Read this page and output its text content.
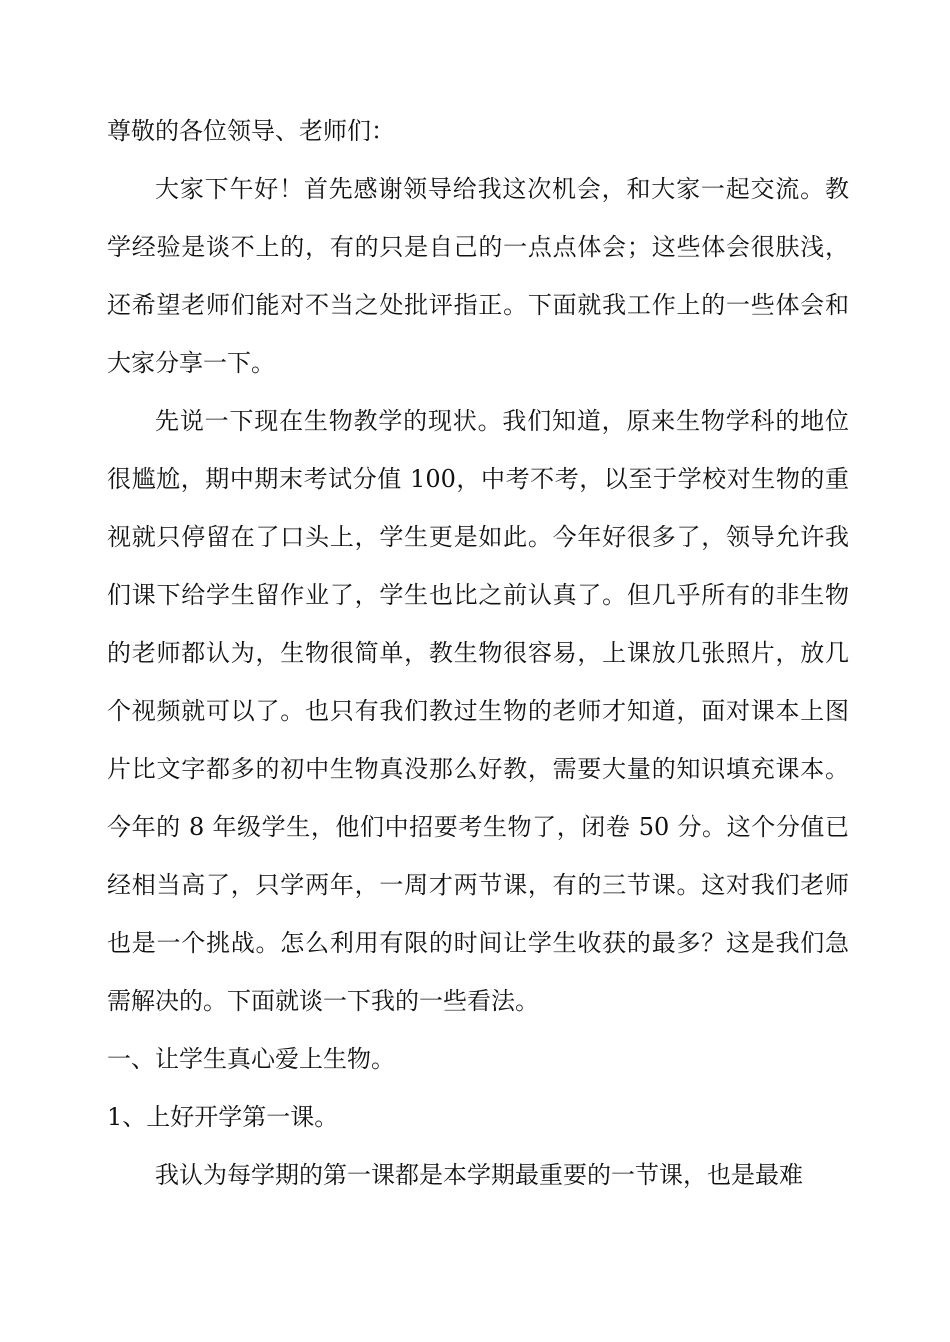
尊敬的各位领导、老师们：

大家下午好！首先感谢领导给我这次机会，和大家一起交流。教学经验是谈不上的，有的只是自己的一点点体会；这些体会很肤浅，还希望老师们能对不当之处批评指正。下面就我工作上的一些体会和大家分享一下。

先说一下现在生物教学的现状。我们知道，原来生物学科的地位很尴尬，期中期末考试分值 100，中考不考，以至于学校对生物的重视就只停留在了口头上，学生更是如此。今年好很多了，领导允许我们课下给学生留作业了，学生也比之前认真了。但几乎所有的非生物的老师都认为，生物很简单，教生物很容易，上课放几张照片，放几个视频就可以了。也只有我们教过生物的老师才知道，面对课本上图片比文字都多的初中生物真没那么好教，需要大量的知识填充课本。今年的 8 年级学生，他们中招要考生物了，闭卷 50 分。这个分值已经相当高了，只学两年，一周才两节课，有的三节课。这对我们老师也是一个挑战。怎么利用有限的时间让学生收获的最多？这是我们急需解决的。下面就谈一下我的一些看法。

一、让学生真心爱上生物。

1、上好开学第一课。

我认为每学期的第一课都是本学期最重要的一节课，也是最难
